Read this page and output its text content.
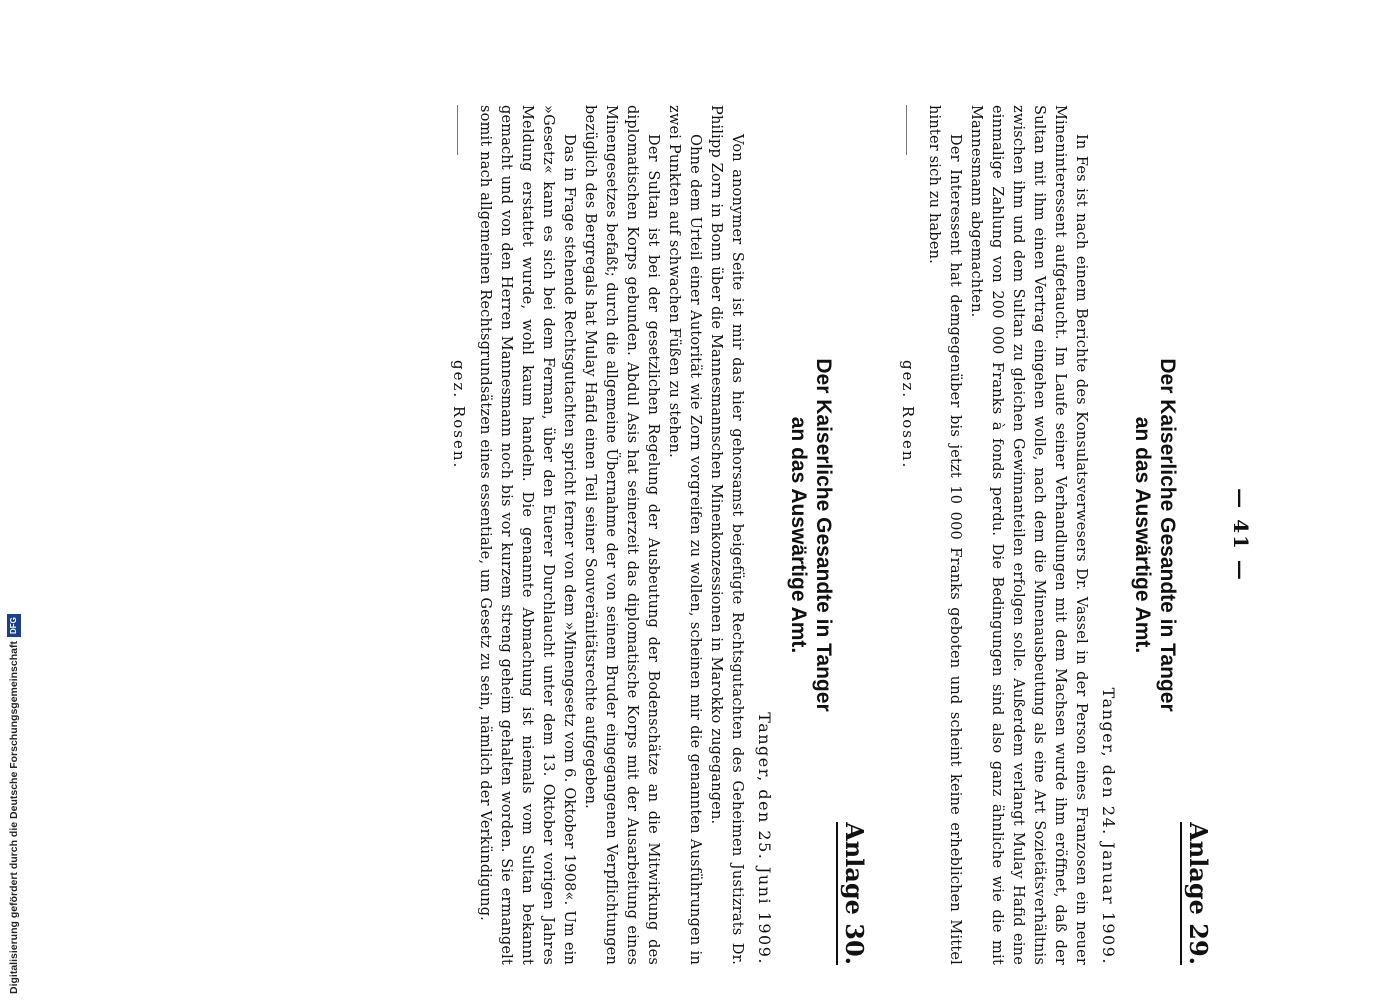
— 41 —
Anlage 29.
Der Kaiserliche Gesandte in Tanger
an das Auswärtige Amt.
Tanger, den 24. Januar 1909.

In Fes ist nach einem Berichte des Konsulatsverwesers Dr. Vassel in der Person eines Franzosen ein neuer Mineninteressent aufgetaucht. Im Laufe seiner Verhandlungen mit dem Machsen wurde ihm eröffnet, daß der Sultan mit ihm einen Vertrag eingehen wolle, nach dem die Minenausbeutung als eine Art Sozietätsverhältnis zwischen ihm und dem Sultan zu gleichen Gewinnanteilen erfolgen solle. Außerdem verlangt Mulay Hafid eine einmalige Zahlung von 200 000 Franks à fonds perdu. Die Bedingungen sind also ganz ähnliche wie die mit Mannesmann abgemachten.

Der Interessent hat demgegenüber bis jetzt 10 000 Franks geboten und scheint keine erheblichen Mittel hinter sich zu haben.

gez. Rosen.
Anlage 30.
Der Kaiserliche Gesandte in Tanger
an das Auswärtige Amt.
Tanger, den 25. Juni 1909.

Von anonymer Seite ist mir das hier gehorsamst beigefügte Rechtsgutachten des Geheimen Justizrats Dr. Philipp Zorn in Bonn über die Mannesmannschen Minenkonzessionen in Marokko zugegangen.

Ohne dem Urteil einer Autorität wie Zorn vorgreifen zu wollen, scheinen mir die genannten Ausführungen in zwei Punkten auf schwachen Füßen zu stehen.

Der Sultan ist bei der gesetzlichen Regelung der Ausbeutung der Bodenschätze an die Mitwirkung des diplomatischen Korps gebunden. Abdul Asis hat seinerzeit das diplomatische Korps mit der Ausarbeitung eines Minengesetzes befaßt; durch die allgemeine Übernahme der von seinem Bruder eingegangenen Verpflichtungen bezüglich des Bergregals hat Mulay Hafid einen Teil seiner Souveränitätsrechte aufgegeben.

Das in Frage stehende Rechtsgutachten spricht ferner von dem »Minengesetz vom 6. Oktober 1908«. Um ein »Gesetz« kann es sich bei dem Ferman, über den Euerer Durchlaucht unter dem 13. Oktober vorigen Jahres Meldung erstattet wurde, wohl kaum handeln. Die genannte Abmachung ist niemals vom Sultan bekannt gemacht und von den Herren Mannesmann noch bis vor kurzem streng geheim gehalten worden. Sie ermangelt somit nach allgemeinen Rechtsgrundsätzen eines essentiale, um Gesetz zu sein, nämlich der Verkündigung.

gez. Rosen.
Digitalisierung gefördert durch die Deutsche Forschungsgemeinschaft
DFG
